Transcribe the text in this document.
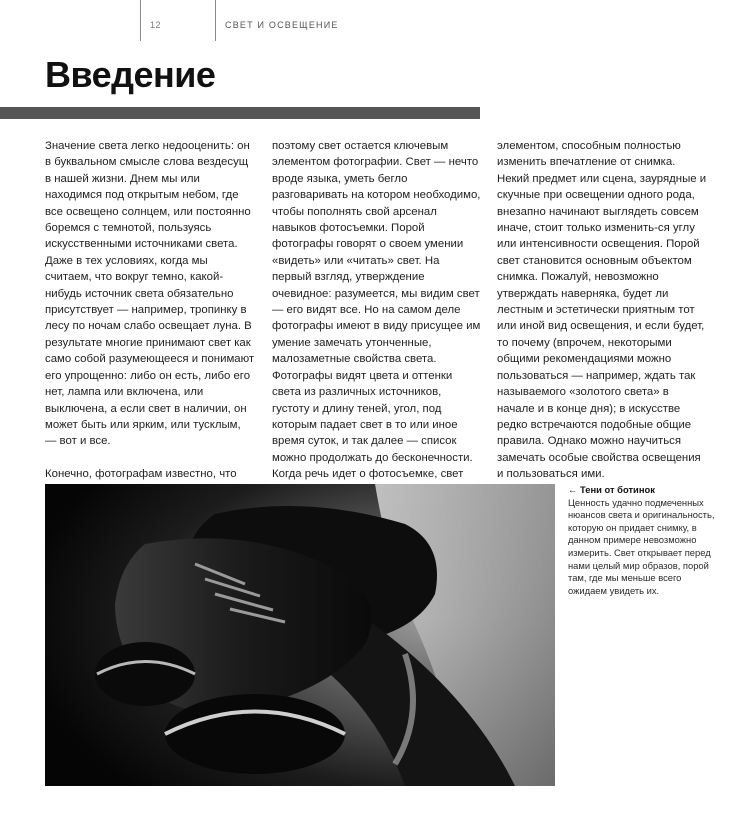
12	СВЕТ И ОСВЕЩЕНИЕ
Введение

Значение света легко недооценить: он в буквальном смысле слова вездесущ в нашей жизни. Днем мы или находимся под открытым небом, где все освещено солнцем, или постоянно боремся с темнотой, пользуясь искусственными источниками света. Даже в тех условиях, когда мы считаем, что вокруг темно, какой-нибудь источник света обязательно присутствует — например, тропинку в лесу по ночам слабо освещает луна. В результате многие принимают свет как само собой разумеющееся и понимают его упрощенно: либо он есть, либо его нет, лампа или включена, или выключена, а если свет в наличии, он может быть или ярким, или тусклым, — вот и все.

Конечно, фотографам известно, что

поэтому свет остается ключевым элементом фотографии. Свет — нечто вроде языка, уметь бегло разговаривать на котором необходимо, чтобы пополнять свой арсенал навыков фотосъемки. Порой фотографы говорят о своем умении «видеть» или «читать» свет. На первый взгляд, утверждение очевидное: разумеется, мы видим свет — его видят все. Но на самом деле фотографы имеют в виду присущее им умение замечать утонченные, малозаметные свойства света. Фотографы видят цвета и оттенки света из различных источников, густоту и длину теней, угол, под которым падает свет в то или иное время суток, и так далее — список можно продолжать до бесконечности. Когда речь идет о фотосъемке, свет

элементом, способным полностью изменить впечатление от снимка. Некий предмет или сцена, заурядные и скучные при освещении одного рода, внезапно начинают выглядеть совсем иначе, стоит только изменить-ся углу или интенсивности освещения. Порой свет становится основным объектом снимка. Пожалуй, невозможно утверждать наверняка, будет ли лестным и эстетически приятным тот или иной вид освещения, и если будет, то почему (впрочем, некоторыми общими рекомендациями можно пользоваться — например, ждать так называемого «золотого света» в начале и в конце дня); в искусстве редко встречаются подобные общие правила. Однако можно научиться замечать особые свойства освещения и пользоваться ими.

← Тени от ботинок
Ценность удачно подмеченных нюансов света и оригинальность, которую он придает снимку, в данном примере невозможно измерить. Свет открывает перед нами целый мир образов, порой там, где мы меньше всего ожидаем увидеть их.
